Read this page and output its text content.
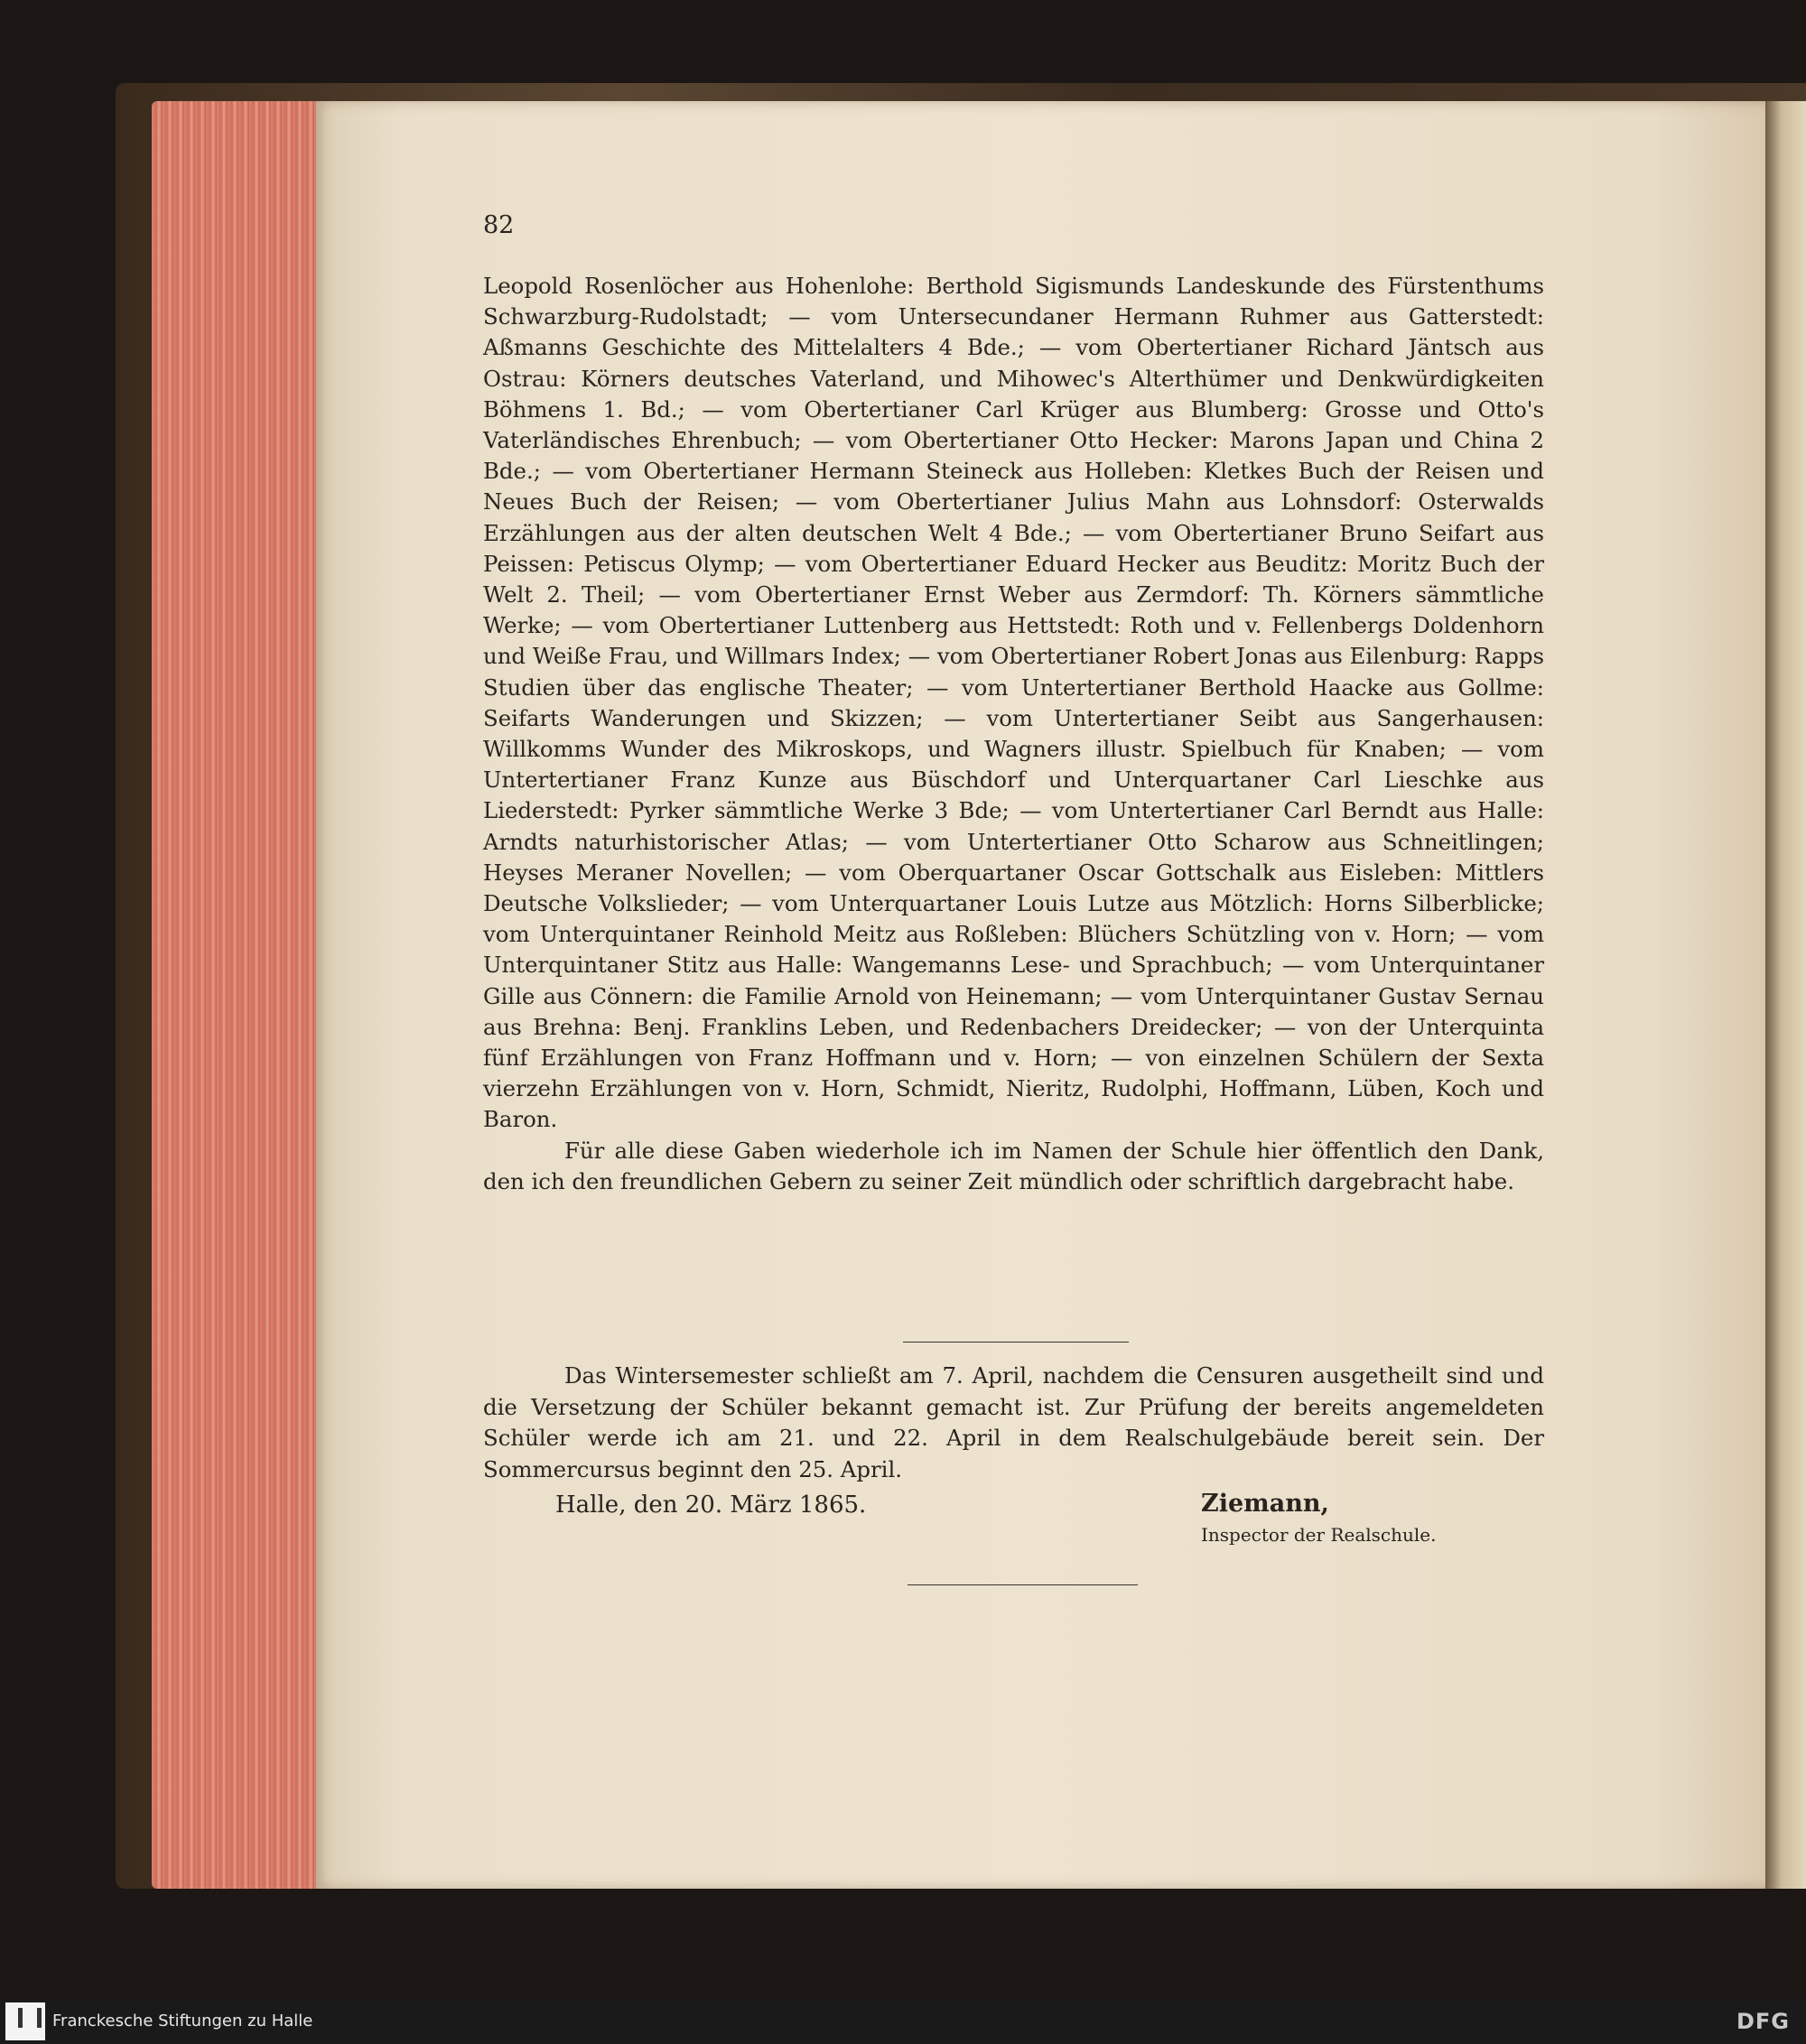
82

Leopold Rosenlöcher aus Hohenlohe: Berthold Sigismunds Landeskunde des Fürstenthums Schwarzburg-Rudolstadt; — vom Untersecundaner Hermann Ruhmer aus Gatterstedt: Aßmanns Geschichte des Mittelalters 4 Bde.; — vom Obertertianer Richard Jäntsch aus Ostrau: Körners deutsches Vaterland, und Mihowec's Alterthümer und Denkwürdigkeiten Böhmens 1. Bd.; — vom Obertertianer Carl Krüger aus Blumberg: Grosse und Otto's Vaterländisches Ehrenbuch; — vom Obertertianer Otto Hecker: Marons Japan und China 2 Bde.; — vom Obertertianer Hermann Steineck aus Holleben: Kletkes Buch der Reisen und Neues Buch der Reisen; — vom Obertertianer Julius Mahn aus Lohnsdorf: Osterwalds Erzählungen aus der alten deutschen Welt 4 Bde.; — vom Obertertianer Bruno Seifart aus Peissen: Petiscus Olymp; — vom Obertertianer Eduard Hecker aus Beuditz: Moritz Buch der Welt 2. Theil; — vom Obertertianer Ernst Weber aus Zermdorf: Th. Körners sämmtliche Werke; — vom Obertertianer Luttenberg aus Hettstedt: Roth und v. Fellenbergs Doldenhorn und Weiße Frau, und Willmars Index; — vom Obertertianer Robert Jonas aus Eilenburg: Rapps Studien über das englische Theater; — vom Untertertianer Berthold Haacke aus Gollme: Seifarts Wanderungen und Skizzen; — vom Untertertianer Seibt aus Sangerhausen: Willkomms Wunder des Mikroskops, und Wagners illustr. Spielbuch für Knaben; — vom Untertertianer Franz Kunze aus Büschdorf und Unterquartaner Carl Lieschke aus Liederstedt: Pyrker sämmtliche Werke 3 Bde; — vom Untertertianer Carl Berndt aus Halle: Arndts naturhistorischer Atlas; — vom Untertertianer Otto Scharow aus Schneitlingen; Heyses Meraner Novellen; — vom Oberquartaner Oscar Gottschalk aus Eisleben: Mittlers Deutsche Volkslieder; — vom Unterquartaner Louis Lutze aus Mötzlich: Horns Silberblicke; vom Unterquintaner Reinhold Meitz aus Roßleben: Blüchers Schützling von v. Horn; — vom Unterquintaner Stitz aus Halle: Wangemanns Lese- und Sprachbuch; — vom Unterquintaner Gille aus Cönnern: die Familie Arnold von Heinemann; — vom Unterquintaner Gustav Sernau aus Brehna: Benj. Franklins Leben, und Redenbachers Dreidecker; — von der Unterquinta fünf Erzählungen von Franz Hoffmann und v. Horn; — von einzelnen Schülern der Sexta vierzehn Erzählungen von v. Horn, Schmidt, Nieritz, Rudolphi, Hoffmann, Lüben, Koch und Baron.

Für alle diese Gaben wiederhole ich im Namen der Schule hier öffentlich den Dank, den ich den freundlichen Gebern zu seiner Zeit mündlich oder schriftlich dargebracht habe.

Das Wintersemester schließt am 7. April, nachdem die Censuren ausgetheilt sind und die Versetzung der Schüler bekannt gemacht ist. Zur Prüfung der bereits angemeldeten Schüler werde ich am 21. und 22. April in dem Realschulgebäude bereit sein. Der Sommercursus beginnt den 25. April.

Halle, den 20. März 1865.	Ziemann,
Inspector der Realschule.
Franckesche Stiftungen zu Halle	DFG
